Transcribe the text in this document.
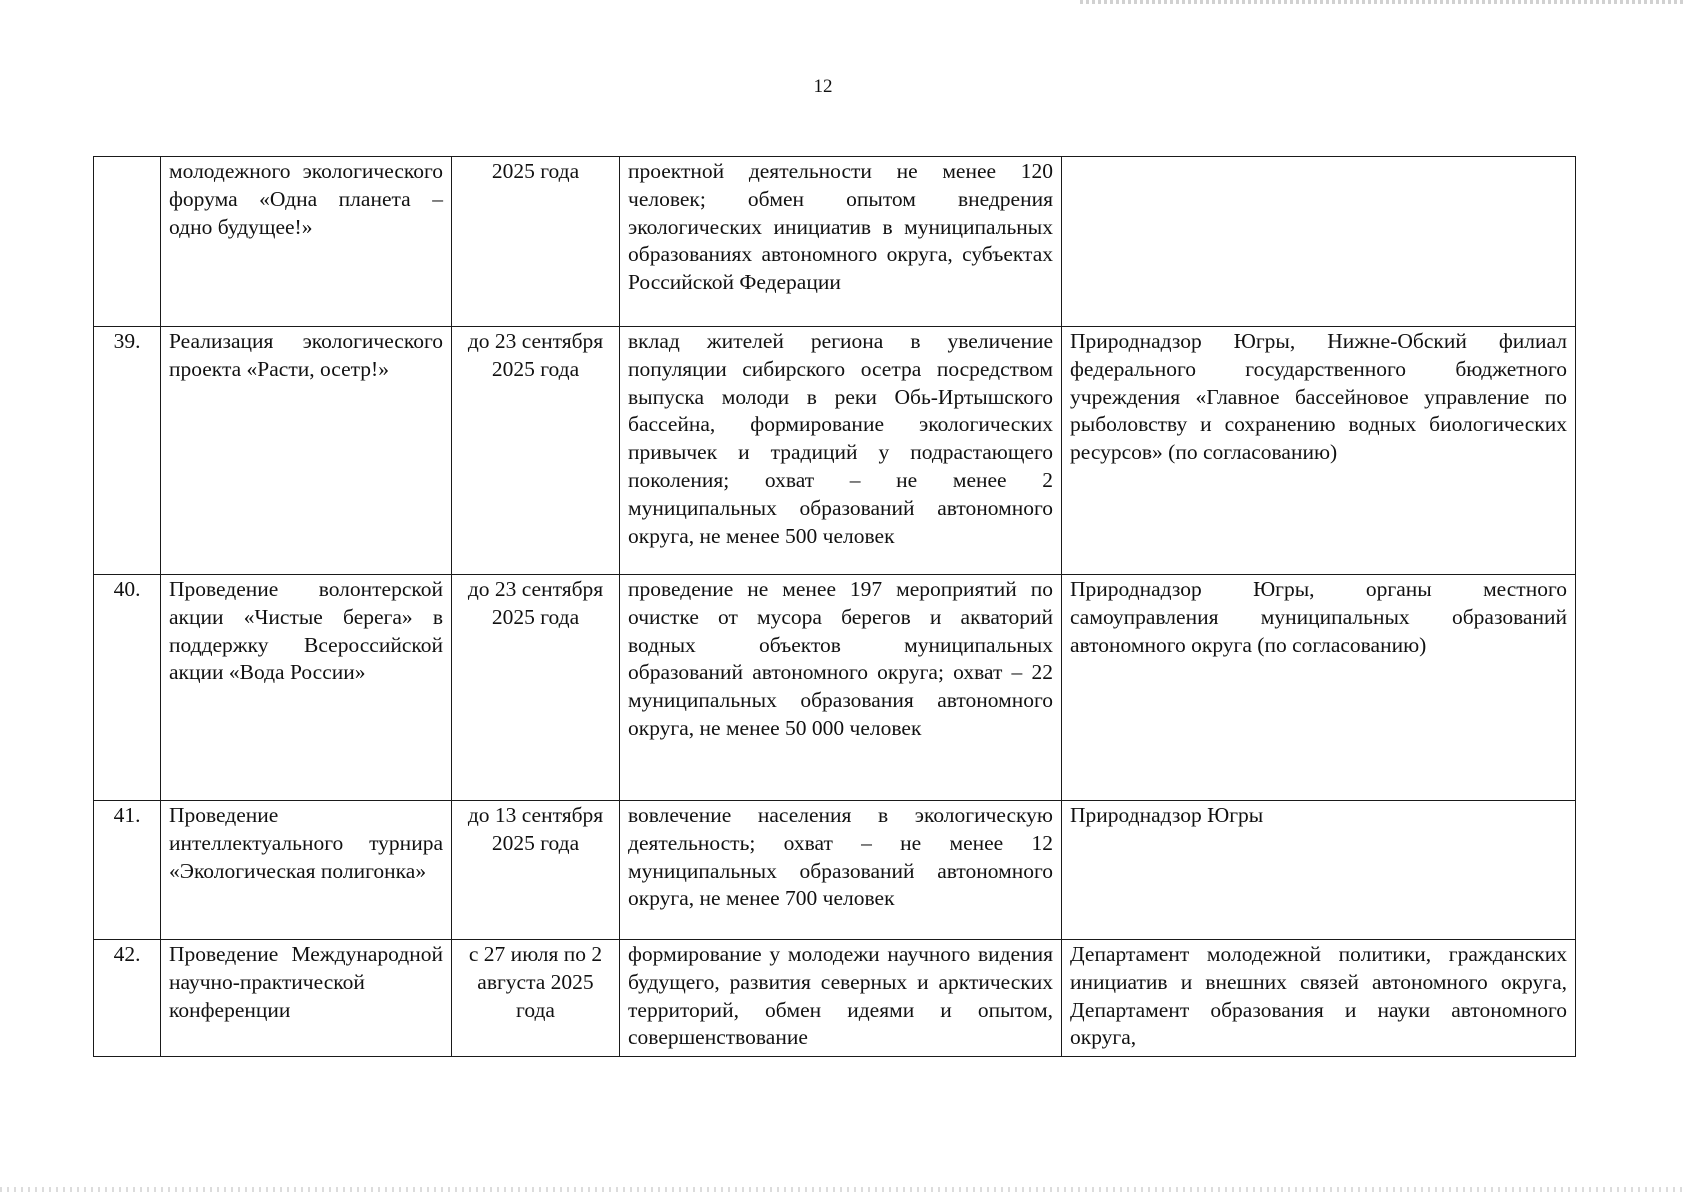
12
	молодежного экологического форума «Одна планета – одно будущее!»	2025 года	проектной деятельности не менее 120 человек; обмен опытом внедрения экологических инициатив в муниципальных образованиях автономного округа, субъектах Российской Федерации	
39.	Реализация экологического проекта «Расти, осетр!»	до 23 сентября 2025 года	вклад жителей региона в увеличение популяции сибирского осетра посредством выпуска молоди в реки Обь-Иртышского бассейна, формирование экологических привычек и традиций у подрастающего поколения; охват – не менее 2 муниципальных образований автономного округа, не менее 500 человек	Природнадзор Югры, Нижне-Обский филиал федерального государственного бюджетного учреждения «Главное бассейновое управление по рыболовству и сохранению водных биологических ресурсов» (по согласованию)
40.	Проведение волонтерской акции «Чистые берега» в поддержку Всероссийской акции «Вода России»	до 23 сентября 2025 года	проведение не менее 197 мероприятий по очистке от мусора берегов и акваторий водных объектов муниципальных образований автономного округа; охват – 22 муниципальных образования автономного округа, не менее 50 000 человек	Природнадзор Югры, органы местного самоуправления муниципальных образований автономного округа (по согласованию)
41.	Проведение интеллектуального турнира «Экологическая полигонка»	до 13 сентября 2025 года	вовлечение населения в экологическую деятельность; охват – не менее 12 муниципальных образований автономного округа, не менее 700 человек	Природнадзор Югры
42.	Проведение Международной научно-практической конференции	с 27 июля по 2 августа 2025 года	формирование у молодежи научного видения будущего, развития северных и арктических территорий, обмен идеями и опытом, совершенствование	Департамент молодежной политики, гражданских инициатив и внешних связей автономного округа, Департамент образования и науки автономного округа,
